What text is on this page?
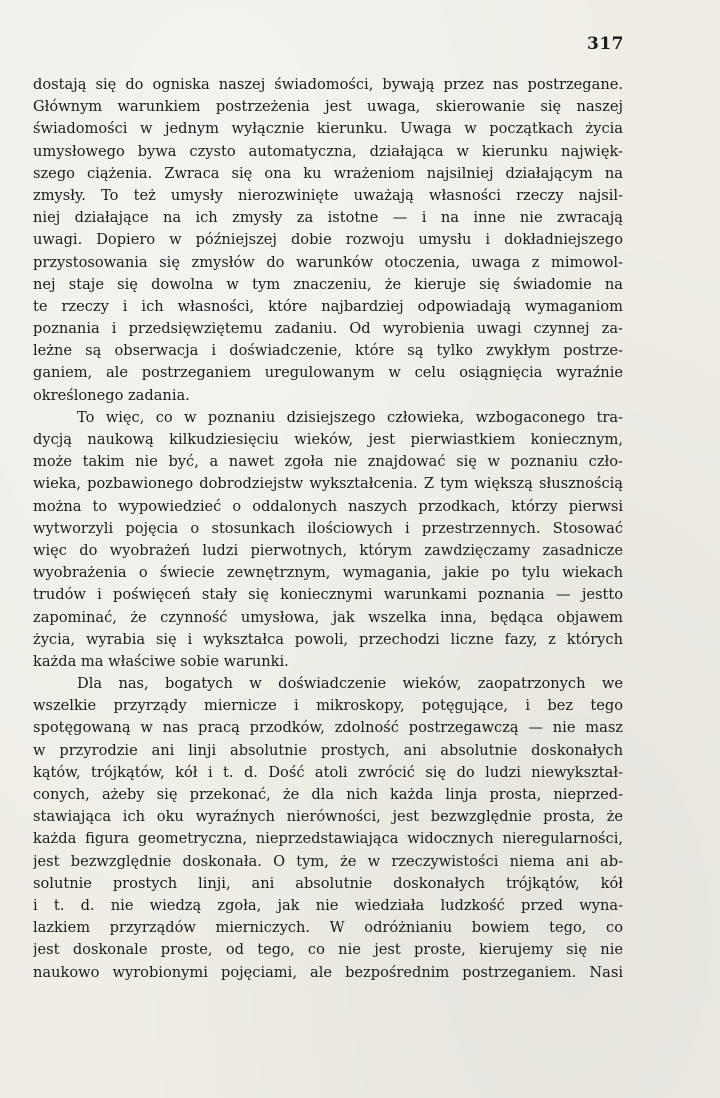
317
dostają się do ogniska naszej świadomości, bywają przez nas postrzegane.
Głównym warunkiem postrzeżenia jest uwaga, skierowanie się naszej
świadomości w jednym wyłącznie kierunku. Uwaga w początkach życia
umysłowego bywa czysto automatyczna, działająca w kierunku najwięk-
szego ciążenia. Zwraca się ona ku wrażeniom najsilniej działającym na
zmysły. To też umysły nierozwinięte uważają własności rzeczy najsil-
niej działające na ich zmysły za istotne — i na inne nie zwracają
uwagi. Dopiero w późniejszej dobie rozwoju umysłu i dokładniejszego
przystosowania się zmysłów do warunków otoczenia, uwaga z mimowol-
nej staje się dowolna w tym znaczeniu, że kieruje się świadomie na
te rzeczy i ich własności, które najbardziej odpowiadają wymaganiom
poznania i przedsięwziętemu zadaniu. Od wyrobienia uwagi czynnej za-
leżne są obserwacja i doświadczenie, które są tylko zwykłym postrze-
ganiem, ale postrzeganiem uregulowanym w celu osiągnięcia wyraźnie
określonego zadania.
To więc, co w poznaniu dzisiejszego człowieka, wzbogaconego tra-
dycją naukową kilkudziesięciu wieków, jest pierwiastkiem koniecznym,
może takim nie być, a nawet zgoła nie znajdować się w poznaniu czło-
wieka, pozbawionego dobrodziejstw wykształcenia. Z tym większą słusznością
można to wypowiedzieć o oddalonych naszych przodkach, którzy pierwsi
wytworzyli pojęcia o stosunkach ilościowych i przestrzennych. Stosować
więc do wyobrażeń ludzi pierwotnych, którym zawdzięczamy zasadnicze
wyobrażenia o świecie zewnętrznym, wymagania, jakie po tylu wiekach
trudów i poświęceń stały się koniecznymi warunkami poznania — jestto
zapominać, że czynność umysłowa, jak wszelka inna, będąca objawem
życia, wyrabia się i wykształca powoli, przechodzi liczne fazy, z których
każda ma właściwe sobie warunki.
Dla nas, bogatych w doświadczenie wieków, zaopatrzonych we
wszelkie przyrządy miernicze i mikroskopy, potęgujące, i bez tego
spotęgowaną w nas pracą przodków, zdolność postrzegawczą — nie masz
w przyrodzie ani linji absolutnie prostych, ani absolutnie doskonałych
kątów, trójkątów, kół i t. d. Dość atoli zwrócić się do ludzi niewykształ-
conych, ażeby się przekonać, że dla nich każda linja prosta, nieprzed-
stawiająca ich oku wyraźnych nierówności, jest bezwzględnie prosta, że
każda figura geometryczna, nieprzedstawiająca widocznych nieregularności,
jest bezwzględnie doskonała. O tym, że w rzeczywistości niema ani ab-
solutnie prostych linji, ani absolutnie doskonałych trójkątów, kół
i t. d. nie wiedzą zgoła, jak nie wiedziała ludzkość przed wyna-
lazkiem przyrządów mierniczych. W odróżnianiu bowiem tego, co
jest doskonale proste, od tego, co nie jest proste, kierujemy się nie
naukowo wyrobionymi pojęciami, ale bezpośrednim postrzeganiem. Nasi
